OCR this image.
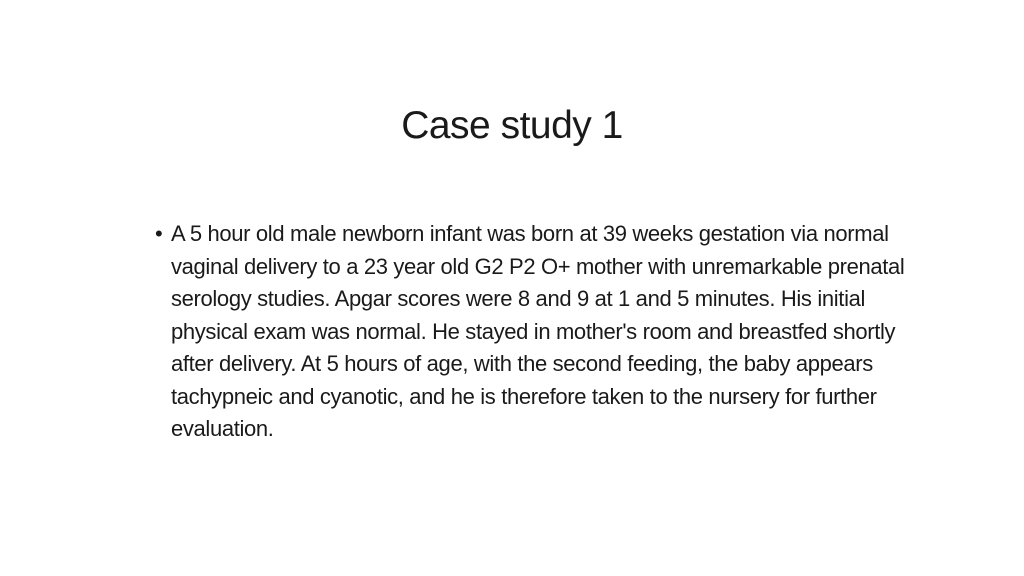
Case study 1
• A 5 hour old male newborn infant was born at 39 weeks gestation via normal vaginal delivery to a 23 year old G2 P2 O+ mother with unremarkable prenatal serology studies. Apgar scores were 8 and 9 at 1 and 5 minutes. His initial physical exam was normal. He stayed in mother's room and breastfed shortly after delivery. At 5 hours of age, with the second feeding, the baby appears tachypneic and cyanotic, and he is therefore taken to the nursery for further evaluation.
